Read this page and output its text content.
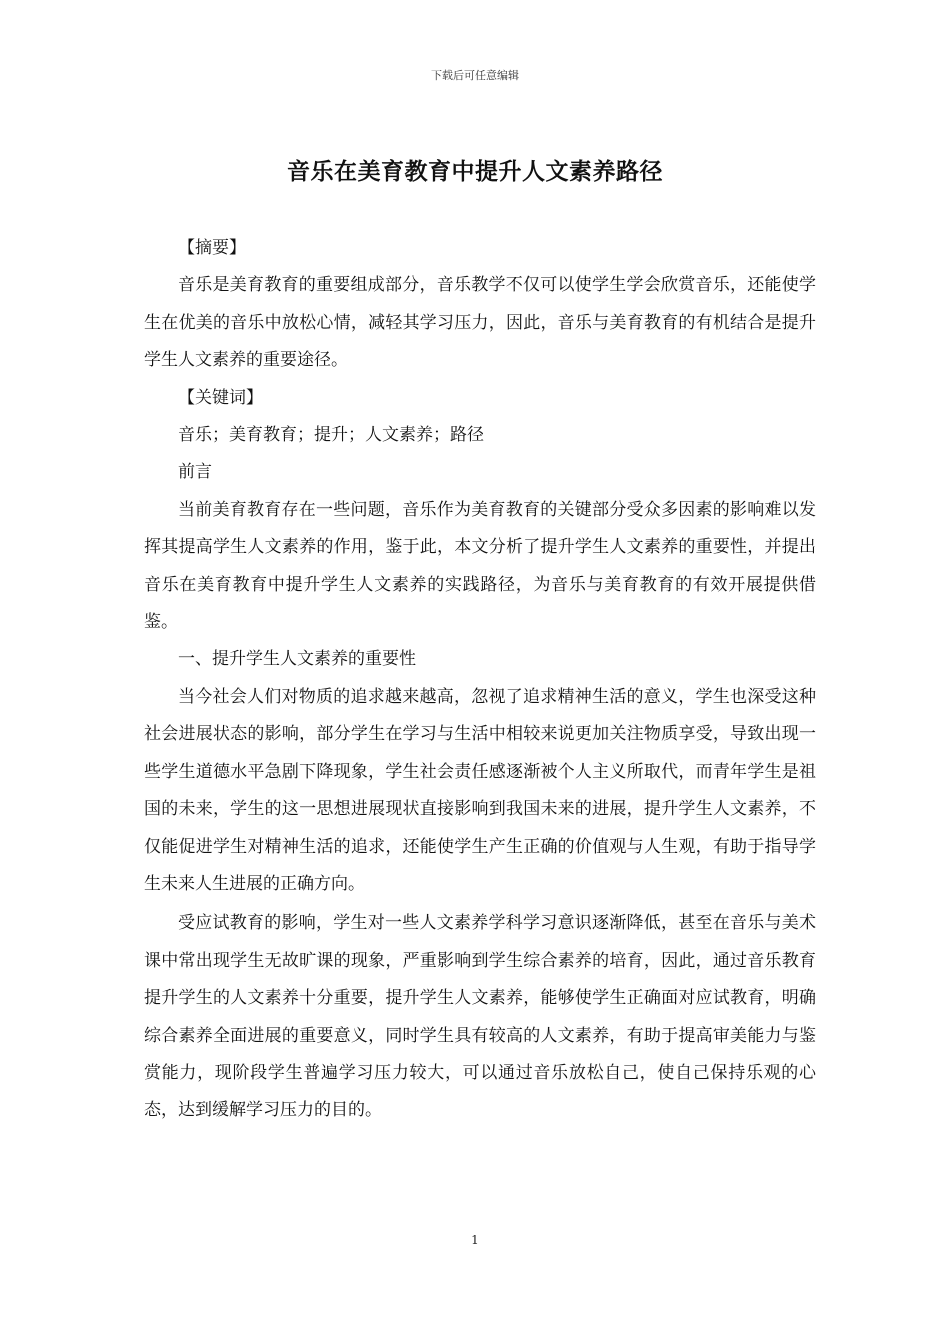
下载后可任意编辑
音乐在美育教育中提升人文素养路径

【摘要】

音乐是美育教育的重要组成部分，音乐教学不仅可以使学生学会欣赏音乐，还能使学生在优美的音乐中放松心情，减轻其学习压力，因此，音乐与美育教育的有机结合是提升学生人文素养的重要途径。

【关键词】

音乐；美育教育；提升；人文素养；路径

前言

当前美育教育存在一些问题，音乐作为美育教育的关键部分受众多因素的影响难以发挥其提高学生人文素养的作用，鉴于此，本文分析了提升学生人文素养的重要性，并提出音乐在美育教育中提升学生人文素养的实践路径，为音乐与美育教育的有效开展提供借鉴。

一、提升学生人文素养的重要性

当今社会人们对物质的追求越来越高，忽视了追求精神生活的意义，学生也深受这种社会进展状态的影响，部分学生在学习与生活中相较来说更加关注物质享受，导致出现一些学生道德水平急剧下降现象，学生社会责任感逐渐被个人主义所取代，而青年学生是祖国的未来，学生的这一思想进展现状直接影响到我国未来的进展，提升学生人文素养，不仅能促进学生对精神生活的追求，还能使学生产生正确的价值观与人生观，有助于指导学生未来人生进展的正确方向。

受应试教育的影响，学生对一些人文素养学科学习意识逐渐降低，甚至在音乐与美术课中常出现学生无故旷课的现象，严重影响到学生综合素养的培育，因此，通过音乐教育提升学生的人文素养十分重要，提升学生人文素养，能够使学生正确面对应试教育，明确综合素养全面进展的重要意义，同时学生具有较高的人文素养，有助于提高审美能力与鉴赏能力，现阶段学生普遍学习压力较大，可以通过音乐放松自己，使自己保持乐观的心态，达到缓解学习压力的目的。

1
